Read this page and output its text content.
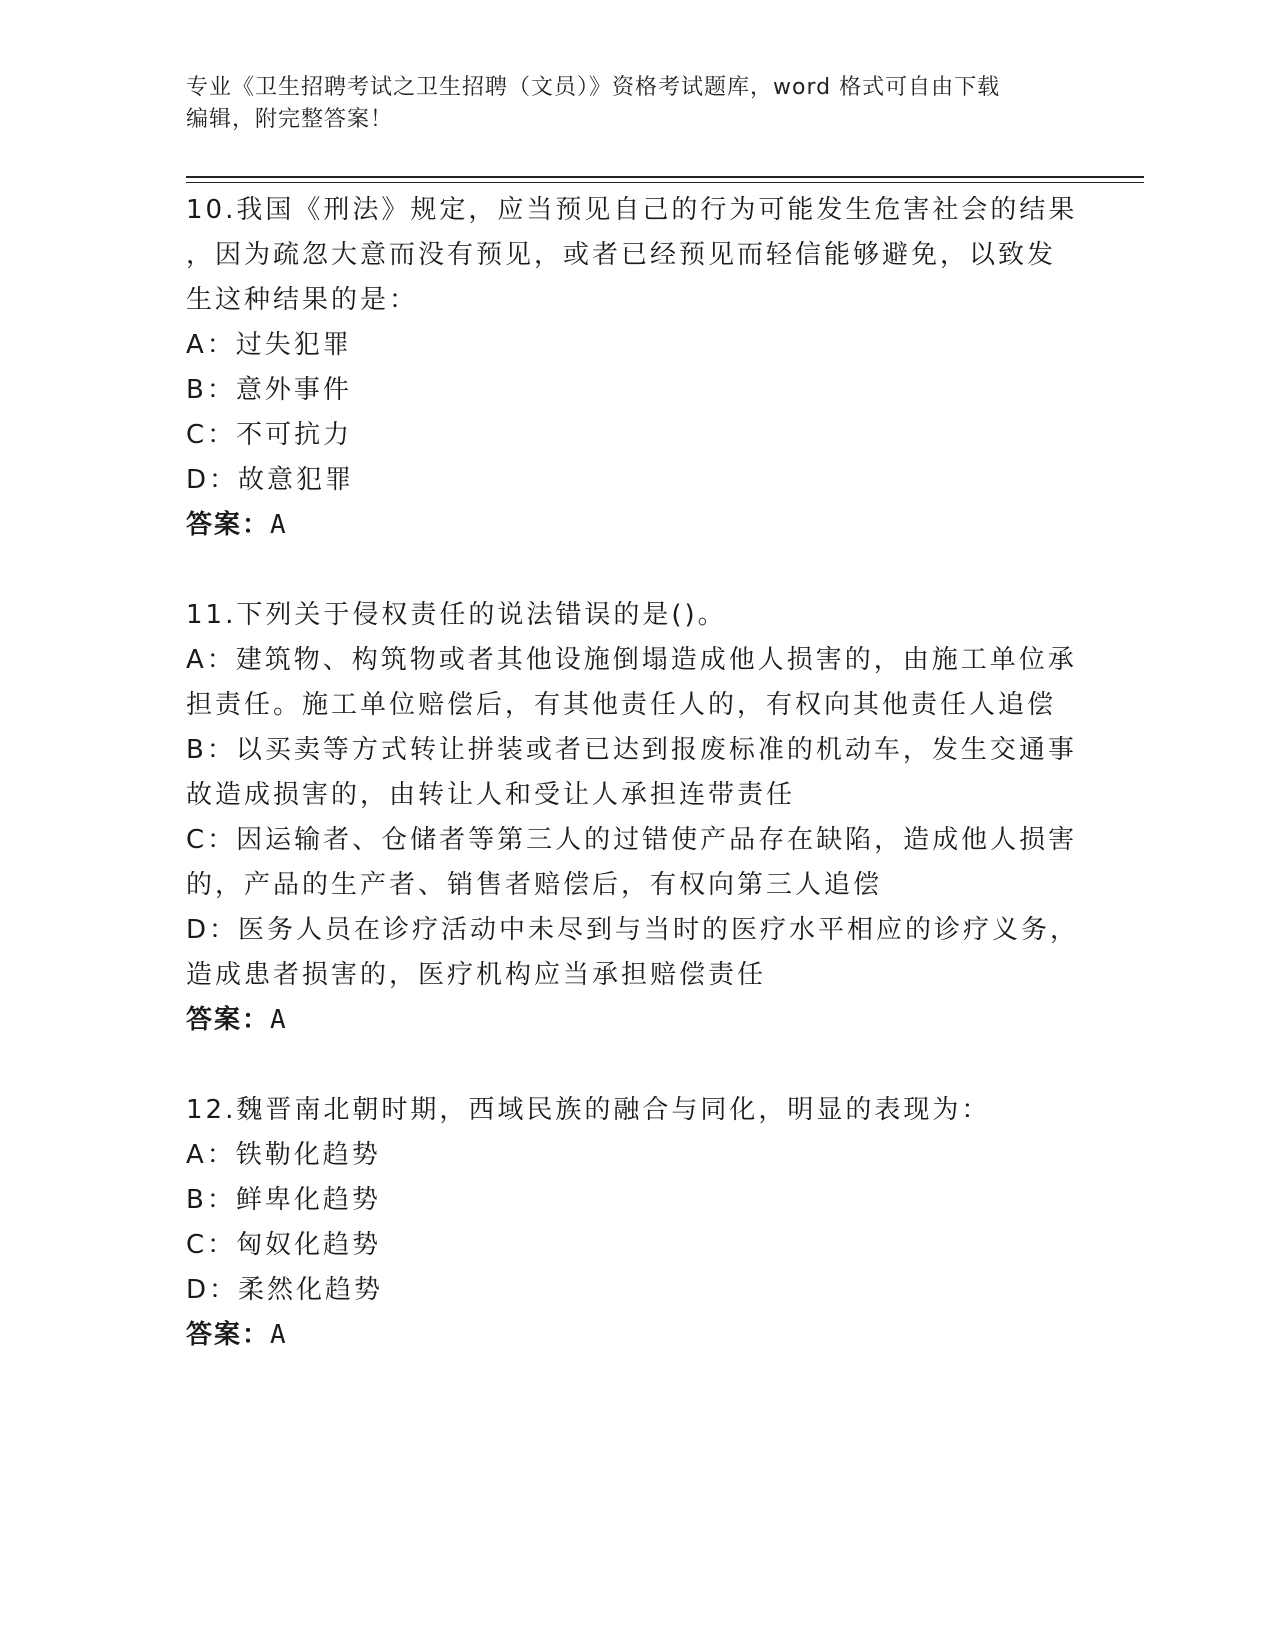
专业《卫生招聘考试之卫生招聘（文员）》资格考试题库，word 格式可自由下载
编辑，附完整答案！
10.我国《刑法》规定，应当预见自己的行为可能发生危害社会的结果
，因为疏忽大意而没有预见，或者已经预见而轻信能够避免，以致发
生这种结果的是：
A：过失犯罪
B：意外事件
C：不可抗力
D：故意犯罪
答案：A
11.下列关于侵权责任的说法错误的是()。
A：建筑物、构筑物或者其他设施倒塌造成他人损害的，由施工单位承
担责任。施工单位赔偿后，有其他责任人的，有权向其他责任人追偿
B：以买卖等方式转让拼装或者已达到报废标准的机动车，发生交通事
故造成损害的，由转让人和受让人承担连带责任
C：因运输者、仓储者等第三人的过错使产品存在缺陷，造成他人损害
的，产品的生产者、销售者赔偿后，有权向第三人追偿
D：医务人员在诊疗活动中未尽到与当时的医疗水平相应的诊疗义务，
造成患者损害的，医疗机构应当承担赔偿责任
答案：A
12.魏晋南北朝时期，西域民族的融合与同化，明显的表现为：
A：铁勒化趋势
B：鲜卑化趋势
C：匈奴化趋势
D：柔然化趋势
答案：A
